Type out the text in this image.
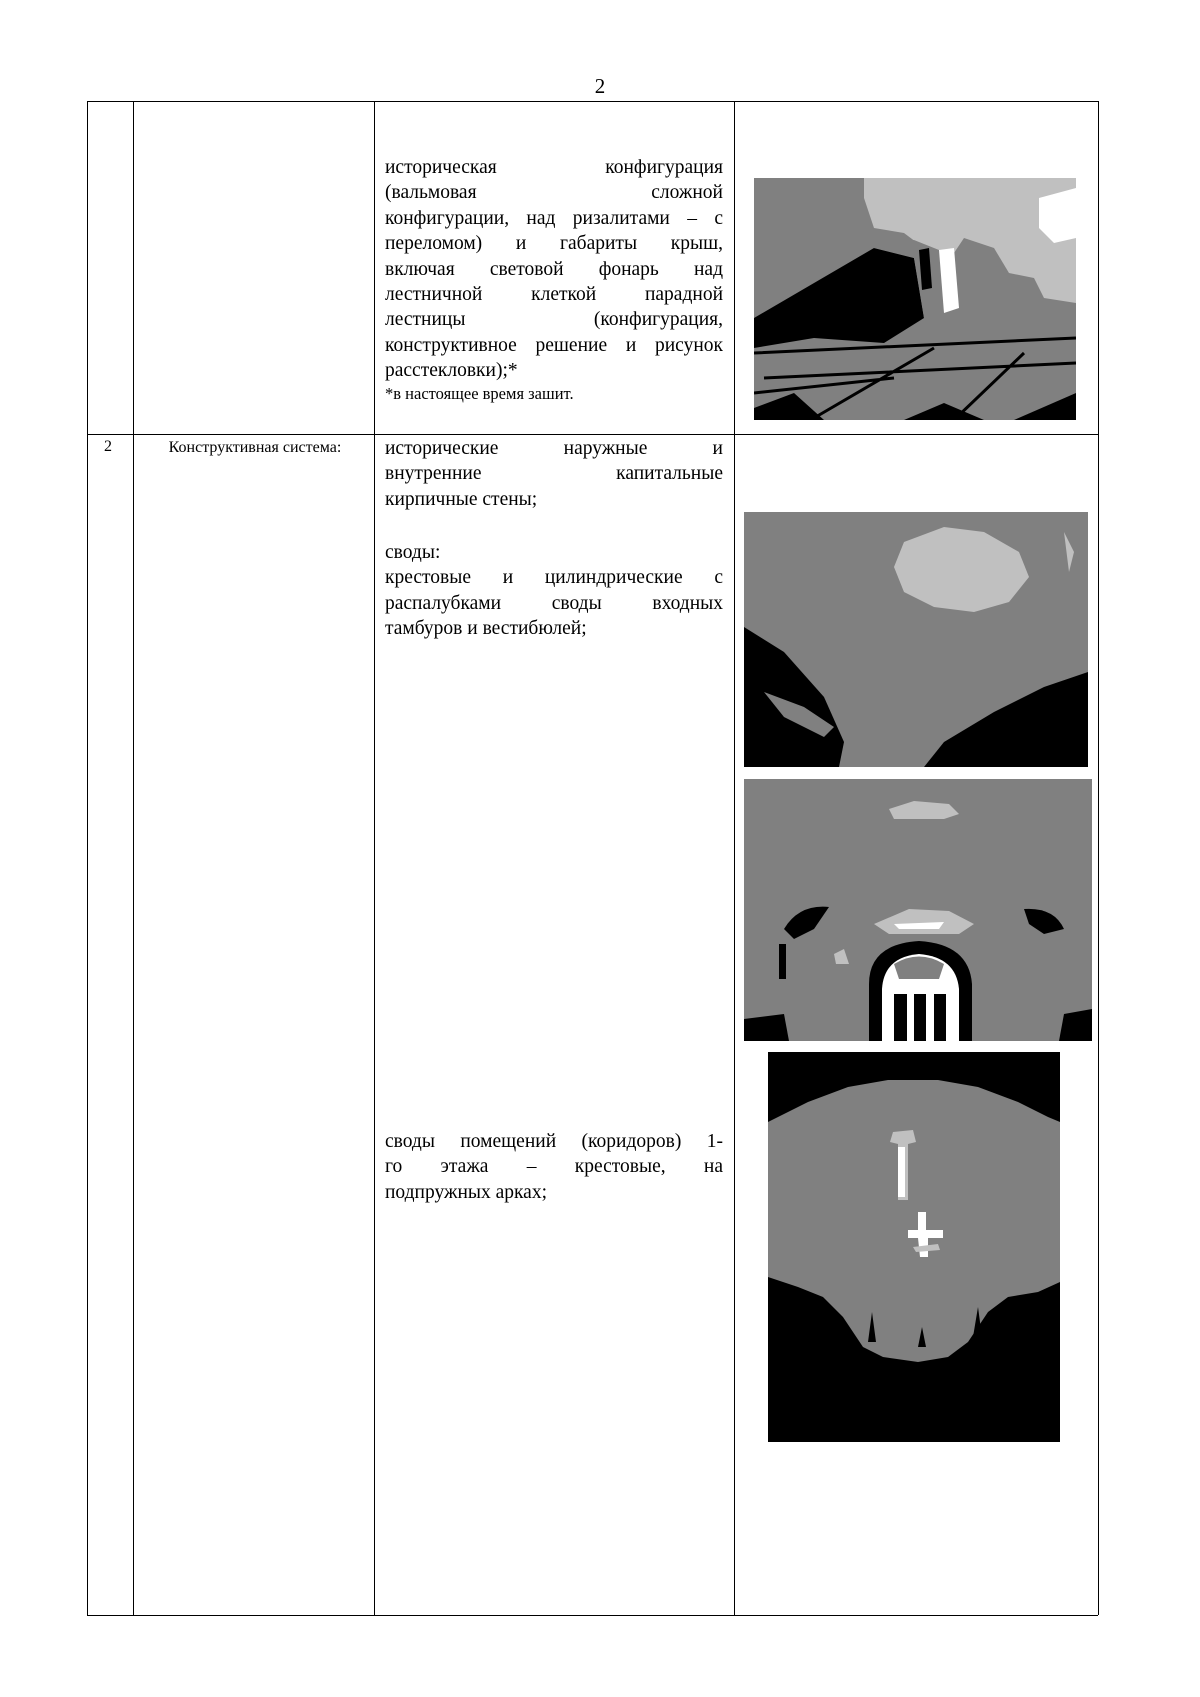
2
историческая конфигурация
(вальмовая сложной
конфигурации, над ризалитами – с
переломом) и габариты крыш,
включая световой фонарь над
лестничной клеткой парадной
лестницы (конфигурация,
конструктивное решение и рисунок
расстекловки);*
*в настоящее время зашит.
2	Конструктивная система:	исторические наружные и
внутренние капитальные
кирпичные стены;
своды:
крестовые и цилиндрические с
распалубками своды входных
тамбуров и вестибюлей;
своды помещений (коридоров) 1-
го этажа – крестовые, на
подпружных арках;
